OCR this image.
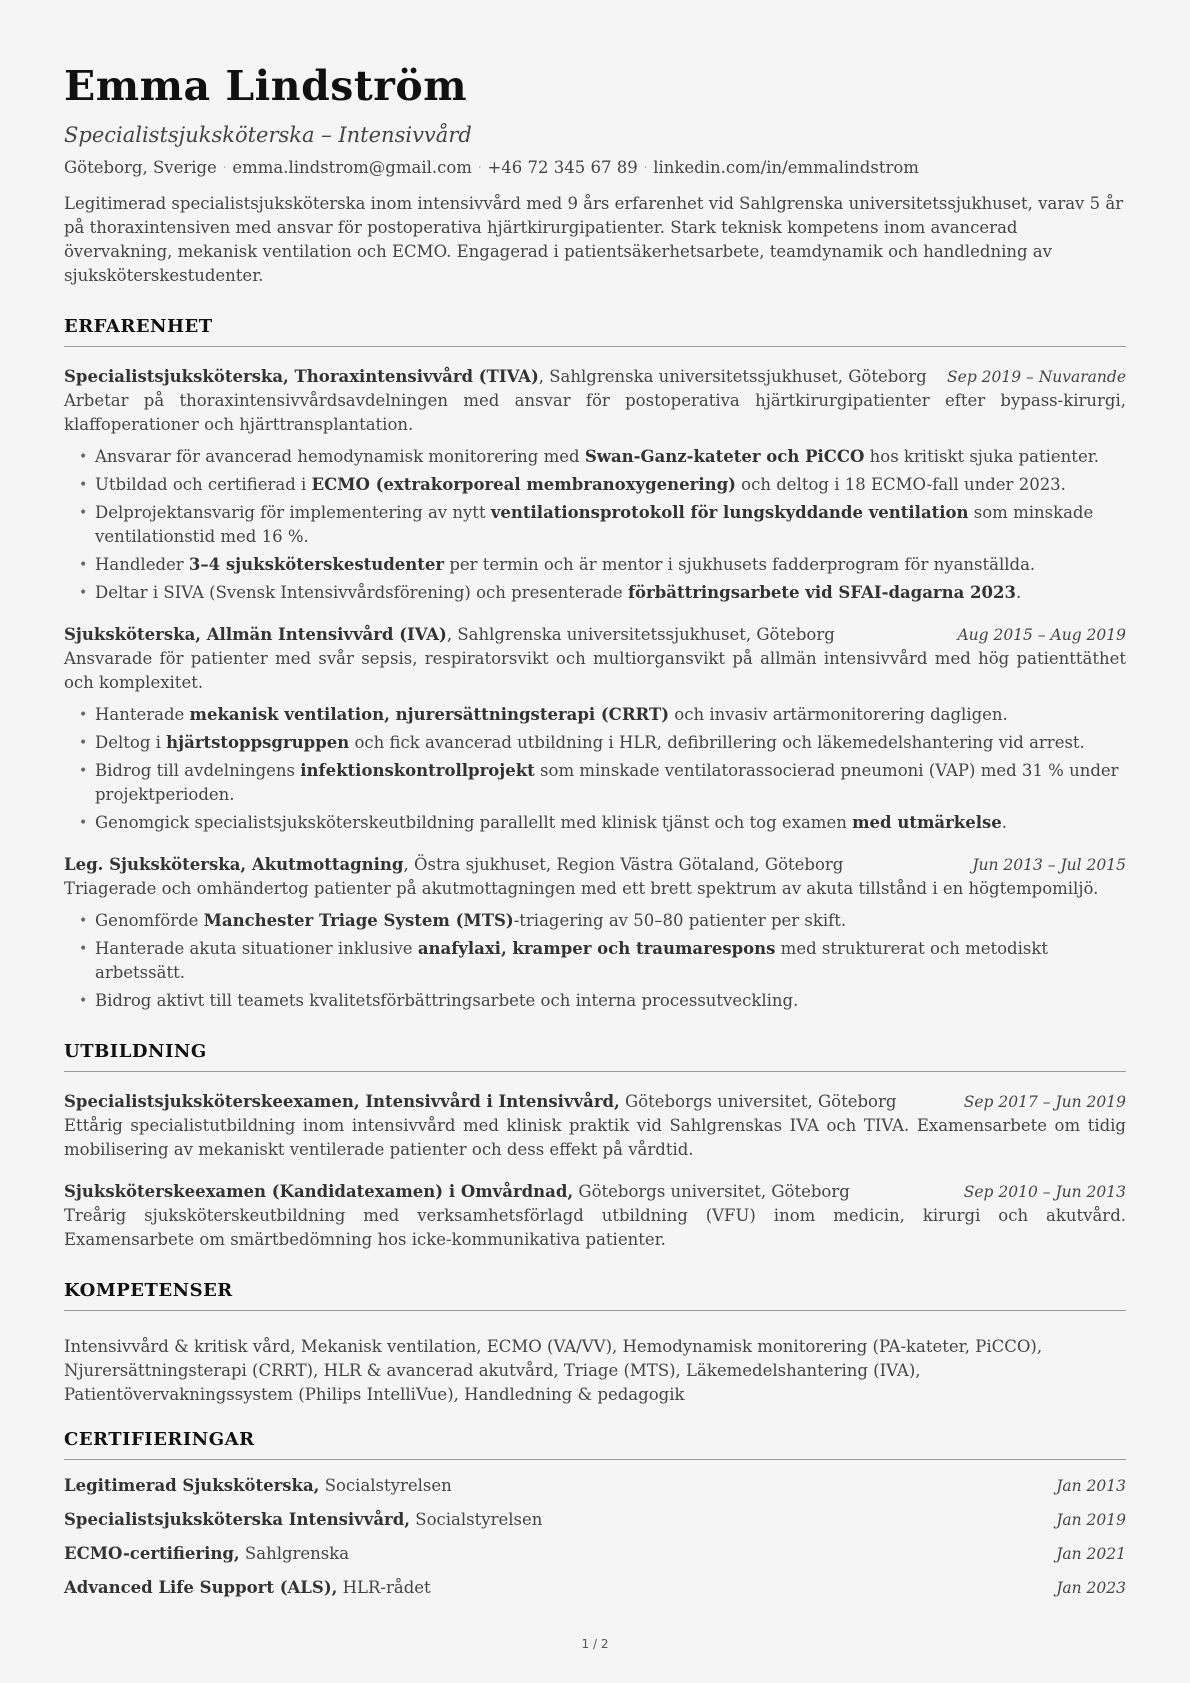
Emma Lindström
Specialistsjuksköterska – Intensivvård
Göteborg, Sverige · emma.lindstrom@gmail.com · +46 72 345 67 89 · linkedin.com/in/emmalindstrom
Legitimerad specialistsjuksköterska inom intensivvård med 9 års erfarenhet vid Sahlgrenska universitetssjukhuset, varav 5 år på thoraxintensiven med ansvar för postoperativa hjärtkirurgipatienter. Stark teknisk kompetens inom avancerad övervakning, mekanisk ventilation och ECMO. Engagerad i patientsäkerhetsarbete, teamdynamik och handledning av sjuksköterskestudenter.
ERFARENHET
Specialistsjuksköterska, Thoraxintensivvård (TIVA), Sahlgrenska universitetssjukhuset, Göteborg Sep 2019 – Nuvarande
Arbetar på thoraxintensivvårdsavdelningen med ansvar för postoperativa hjärtkirurgipatienter efter bypass-kirurgi, klaffoperationer och hjärttransplantation.
• Ansvarar för avancerad hemodynamisk monitorering med Swan-Ganz-kateter och PiCCO hos kritiskt sjuka patienter.
• Utbildad och certifierad i ECMO (extrakorporeal membranoxygenering) och deltog i 18 ECMO-fall under 2023.
• Delprojektansvarig för implementering av nytt ventilationsprotokoll för lungskyddande ventilation som minskade ventilationstid med 16 %.
• Handleder 3–4 sjuksköterskestudenter per termin och är mentor i sjukhusets fadderprogram för nyanställda.
• Deltar i SIVA (Svensk Intensivvårdsförening) och presenterade förbättringsarbete vid SFAI-dagarna 2023.
Sjuksköterska, Allmän Intensivvård (IVA), Sahlgrenska universitetssjukhuset, Göteborg	Aug 2015 – Aug 2019
Ansvarade för patienter med svår sepsis, respiratorsvikt och multiorgansvikt på allmän intensivvård med hög patienttäthet och komplexitet.
• Hanterade mekanisk ventilation, njurersättningsterapi (CRRT) och invasiv artärmonitorering dagligen.
• Deltog i hjärtstoppsgruppen och fick avancerad utbildning i HLR, defibrillering och läkemedelshantering vid arrest.
• Bidrog till avdelningens infektionskontrollprojekt som minskade ventilatorassocierad pneumoni (VAP) med 31 % under projektperioden.
• Genomgick specialistsjuksköterskeutbildning parallellt med klinisk tjänst och tog examen med utmärkelse.
Leg. Sjuksköterska, Akutmottagning, Östra sjukhuset, Region Västra Götaland, Göteborg	Jun 2013 – Jul 2015
Triagerade och omhändertog patienter på akutmottagningen med ett brett spektrum av akuta tillstånd i en högtempomiljö.
• Genomförde Manchester Triage System (MTS)-triagering av 50–80 patienter per skift.
• Hanterade akuta situationer inklusive anafylaxi, kramper och traumarespons med strukturerat och metodiskt arbetssätt.
• Bidrog aktivt till teamets kvalitetsförbättringsarbete och interna processutveckling.
UTBILDNING
Specialistsjuksköterskeexamen, Intensivvård i Intensivvård, Göteborgs universitet, Göteborg	Sep 2017 – Jun 2019
Ettårig specialistutbildning inom intensivvård med klinisk praktik vid Sahlgrenskas IVA och TIVA. Examensarbete om tidig mobilisering av mekaniskt ventilerade patienter och dess effekt på vårdtid.
Sjuksköterskeexamen (Kandidatexamen) i Omvårdnad, Göteborgs universitet, Göteborg	Sep 2010 – Jun 2013
Treårig sjuksköterskeutbildning med verksamhetsförlagd utbildning (VFU) inom medicin, kirurgi och akutvård. Examensarbete om smärtbedömning hos icke-kommunikativa patienter.
KOMPETENSER
Intensivvård & kritisk vård, Mekanisk ventilation, ECMO (VA/VV), Hemodynamisk monitorering (PA-kateter, PiCCO), Njurersättningsterapi (CRRT), HLR & avancerad akutvård, Triage (MTS), Läkemedelshantering (IVA), Patientövervakningssystem (Philips IntelliVue), Handledning & pedagogik
CERTIFIERINGAR
Legitimerad Sjuksköterska, Socialstyrelsen	Jan 2013
Specialistsjuksköterska Intensivvård, Socialstyrelsen	Jan 2019
ECMO-certifiering, Sahlgrenska	Jan 2021
Advanced Life Support (ALS), HLR-rådet	Jan 2023
1 / 2
